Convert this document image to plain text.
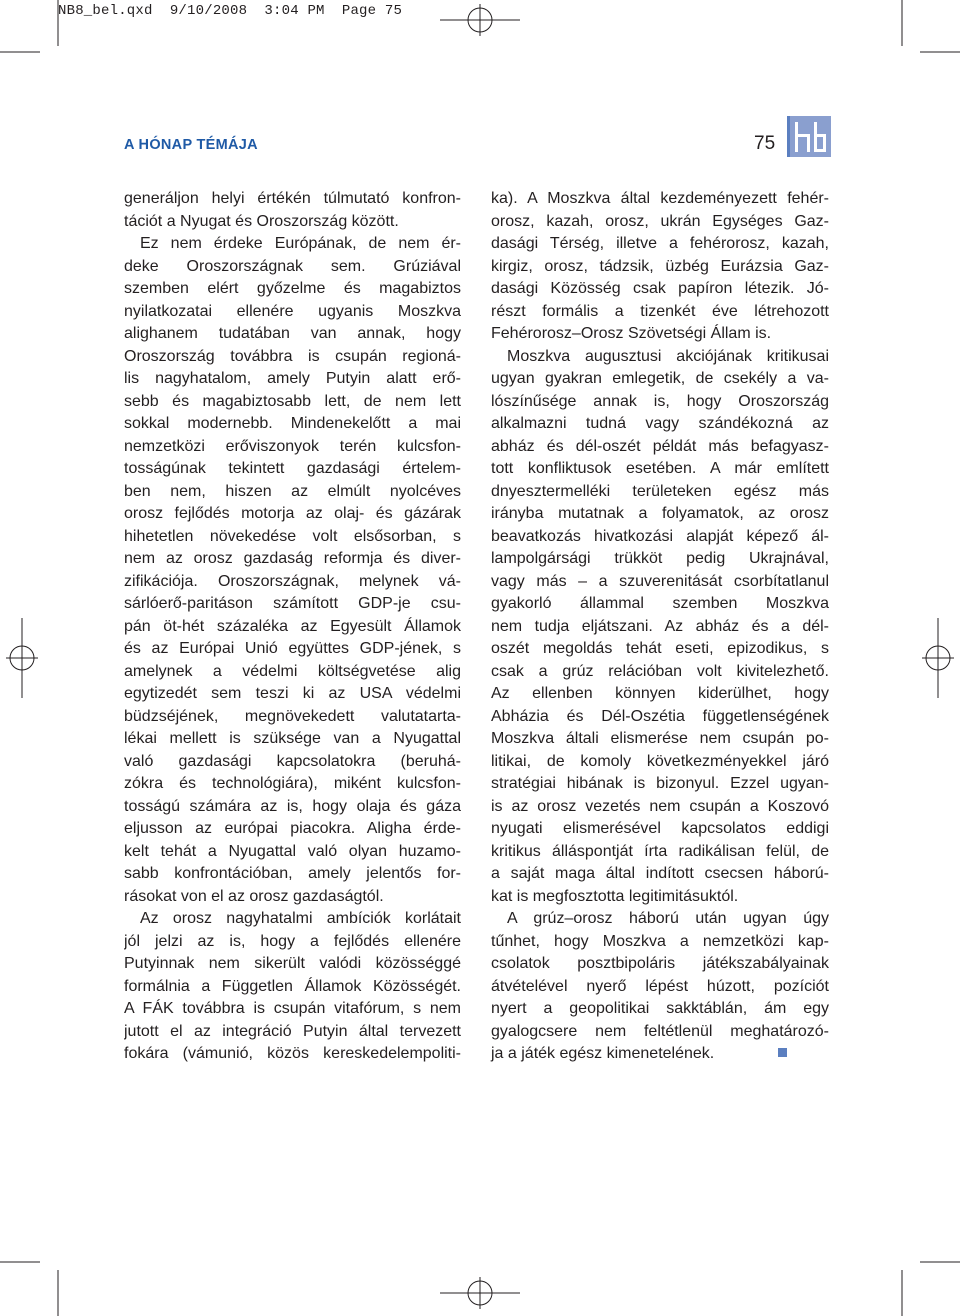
NB8_bel.qxd  9/10/2008  3:04 PM  Page 75
A HÓNAP TÉMÁJA	75
generáljon helyi értékén túlmutató konfron-
tációt a Nyugat és Oroszország között.
Ez nem érdeke Európának, de nem ér-
deke Oroszországnak sem. Grúziával
szemben elért győzelme és magabiztos
nyilatkozatai ellenére ugyanis Moszkva
alighanem tudatában van annak, hogy
Oroszország továbbra is csupán regioná-
lis nagyhatalom, amely Putyin alatt erő-
sebb és magabiztosabb lett, de nem lett
sokkal modernebb. Mindenekelőtt a mai
nemzetközi erőviszonyok terén kulcsfon-
tosságúnak tekintett gazdasági értelem-
ben nem, hiszen az elmúlt nyolcéves
orosz fejlődés motorja az olaj- és gázárak
hihetetlen növekedése volt elsősorban, s
nem az orosz gazdaság reformja és diver-
zifikációja. Oroszországnak, melynek vá-
sárlóerő-paritáson számított GDP-je csu-
pán öt-hét százaléka az Egyesült Államok
és az Európai Unió együttes GDP-jének, s
amelynek a védelmi költségvetése alig
egytizedét sem teszi ki az USA védelmi
büdzséjének, megnövekedett valutatarta-
lékai mellett is szüksége van a Nyugattal
való gazdasági kapcsolatokra (beruhá-
zókra és technológiára), miként kulcsfon-
tosságú számára az is, hogy olaja és gáza
eljusson az európai piacokra. Aligha érde-
kelt tehát a Nyugattal való olyan huzamo-
sabb konfrontációban, amely jelentős for-
rásokat von el az orosz gazdaságtól.
Az orosz nagyhatalmi ambíciók korlátait
jól jelzi az is, hogy a fejlődés ellenére
Putyinnak nem sikerült valódi közösséggé
formálnia a Független Államok Közösségét.
A FÁK továbbra is csupán vitafórum, s nem
jutott el az integráció Putyin által tervezett
fokára (vámunió, közös kereskedelempoliti-
ka). A Moszkva által kezdeményezett fehér-
orosz, kazah, orosz, ukrán Egységes Gaz-
dasági Térség, illetve a fehérorosz, kazah,
kirgiz, orosz, tádzsik, üzbég Eurázsia Gaz-
dasági Közösség csak papíron létezik. Jó-
részt formális a tizenkét éve létrehozott
Fehérorosz–Orosz Szövetségi Állam is.
Moszkva augusztusi akciójának kritikusai
ugyan gyakran emlegetik, de csekély a va-
lószínűsége annak is, hogy Oroszország
alkalmazni tudná vagy szándékozná az
abház és dél-oszét példát más befagyasz-
tott konfliktusok esetében. A már említett
dnyesztermelléki területeken egész más
irányba mutatnak a folyamatok, az orosz
beavatkozás hivatkozási alapját képező ál-
lampolgársági trükköt pedig Ukrajnával,
vagy más – a szuverenitását csorbítatlanul
gyakorló állammal szemben Moszkva
nem tudja eljátszani. Az abház és a dél-
oszét megoldás tehát eseti, epizodikus, s
csak a grúz relációban volt kivitelezhető.
Az ellenben könnyen kiderülhet, hogy
Abházia és Dél-Oszétia függetlenségének
Moszkva általi elismerése nem csupán po-
litikai, de komoly következményekkel járó
stratégiai hibának is bizonyul. Ezzel ugyan-
is az orosz vezetés nem csupán a Koszovó
nyugati elismerésével kapcsolatos eddigi
kritikus álláspontját írta radikálisan felül, de
a saját maga által indított csecsen háború-
kat is megfosztotta legitimitásuktól.
A grúz–orosz háború után ugyan úgy
tűnhet, hogy Moszkva a nemzetközi kap-
csolatok posztbipoláris játékszabályainak
átvételével nyerő lépést húzott, pozíciót
nyert a geopolitikai sakktáblán, ám egy
gyalogcsere nem feltétlenül meghatározó-
ja a játék egész kimenetelének.
